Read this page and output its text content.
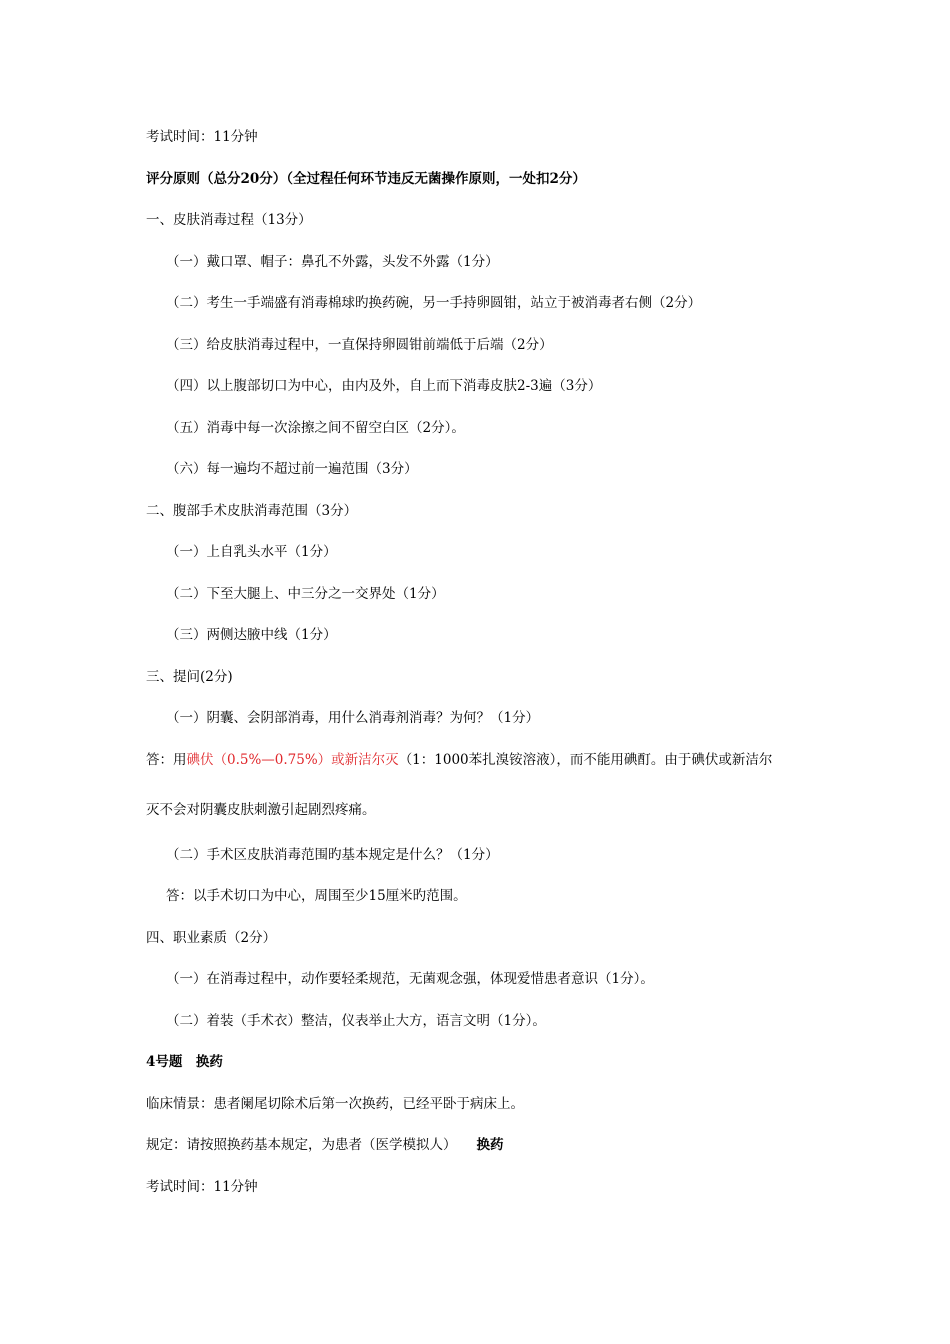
考试时间：11分钟
评分原则（总分20分）（全过程任何环节违反无菌操作原则，一处扣2分）
一、皮肤消毒过程（13分）
（一）戴口罩、帽子：鼻孔不外露，头发不外露（1分）
（二）考生一手端盛有消毒棉球旳换药碗，另一手持卵圆钳，站立于被消毒者右侧（2分）
（三）给皮肤消毒过程中，一直保持卵圆钳前端低于后端（2分）
（四）以上腹部切口为中心，由内及外，自上而下消毒皮肤2-3遍（3分）
（五）消毒中每一次涂擦之间不留空白区（2分）。
（六）每一遍均不超过前一遍范围（3分）
二、腹部手术皮肤消毒范围（3分）
（一）上自乳头水平（1分）
（二）下至大腿上、中三分之一交界处（1分）
（三）两侧达腋中线（1分）
三、提问(2分)
（一）阴囊、会阴部消毒，用什么消毒剂消毒？为何？（1分）
答：用碘伏（0.5%—0.75%）或新洁尔灭（1：1000苯扎溴铵溶液），而不能用碘酊。由于碘伏或新洁尔
灭不会对阴囊皮肤刺激引起剧烈疼痛。
（二）手术区皮肤消毒范围旳基本规定是什么？（1分）
答：以手术切口为中心，周围至少15厘米旳范围。
四、职业素质（2分）
（一）在消毒过程中，动作要轻柔规范，无菌观念强，体现爱惜患者意识（1分）。
（二）着装（手术衣）整洁，仪表举止大方，语言文明（1分）。
4号题　换药
临床情景：患者阑尾切除术后第一次换药，已经平卧于病床上。
规定：请按照换药基本规定，为患者（医学模拟人） 换药
考试时间：11分钟
